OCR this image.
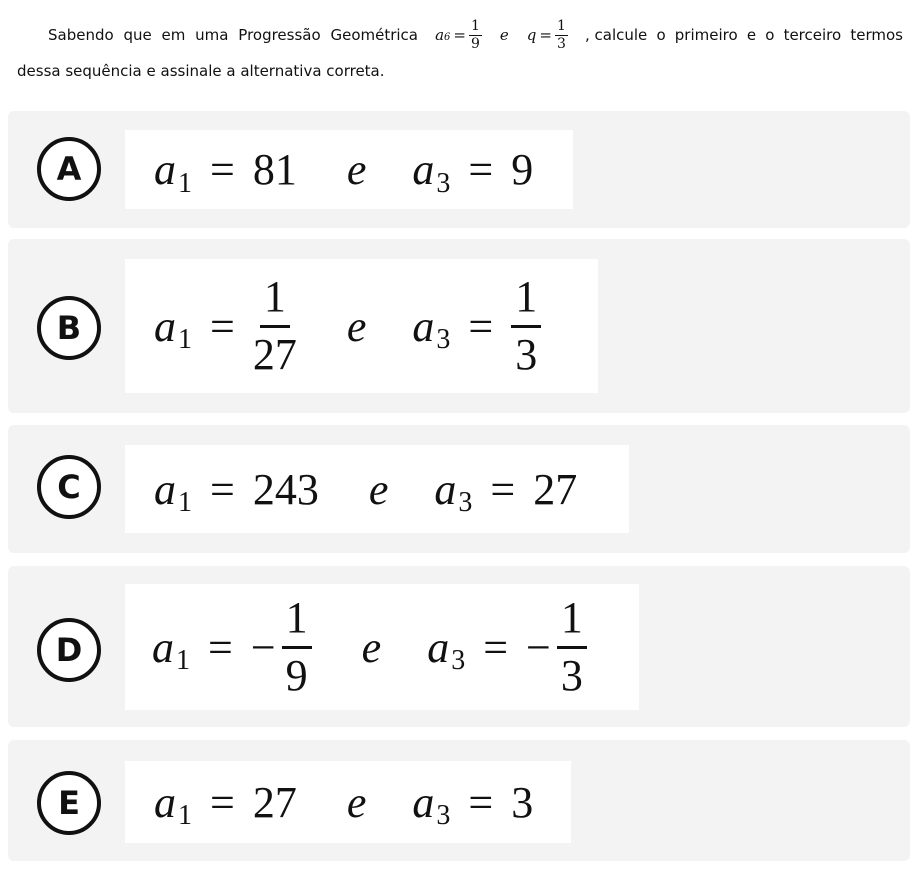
Sabendo que em uma Progressão Geométrica a $6 = \frac{1}{9}$ e $q = \frac{1}{3}$ , calcule o primeiro e o terceiro termos
dessa sequência e assinale a alternativa correta.
A	a 1 = 81 e a 3 = 9
B	a $1 = \frac{1}{27}$ e a $3 = \frac{1}{3}$
C	a 1 = 243 e a 3 = 27
D	a 1 = − $\frac{1}{9}$ e a 3 = − $\frac{1}{3}$
E	a 1 = 27 e a 3 = 3
